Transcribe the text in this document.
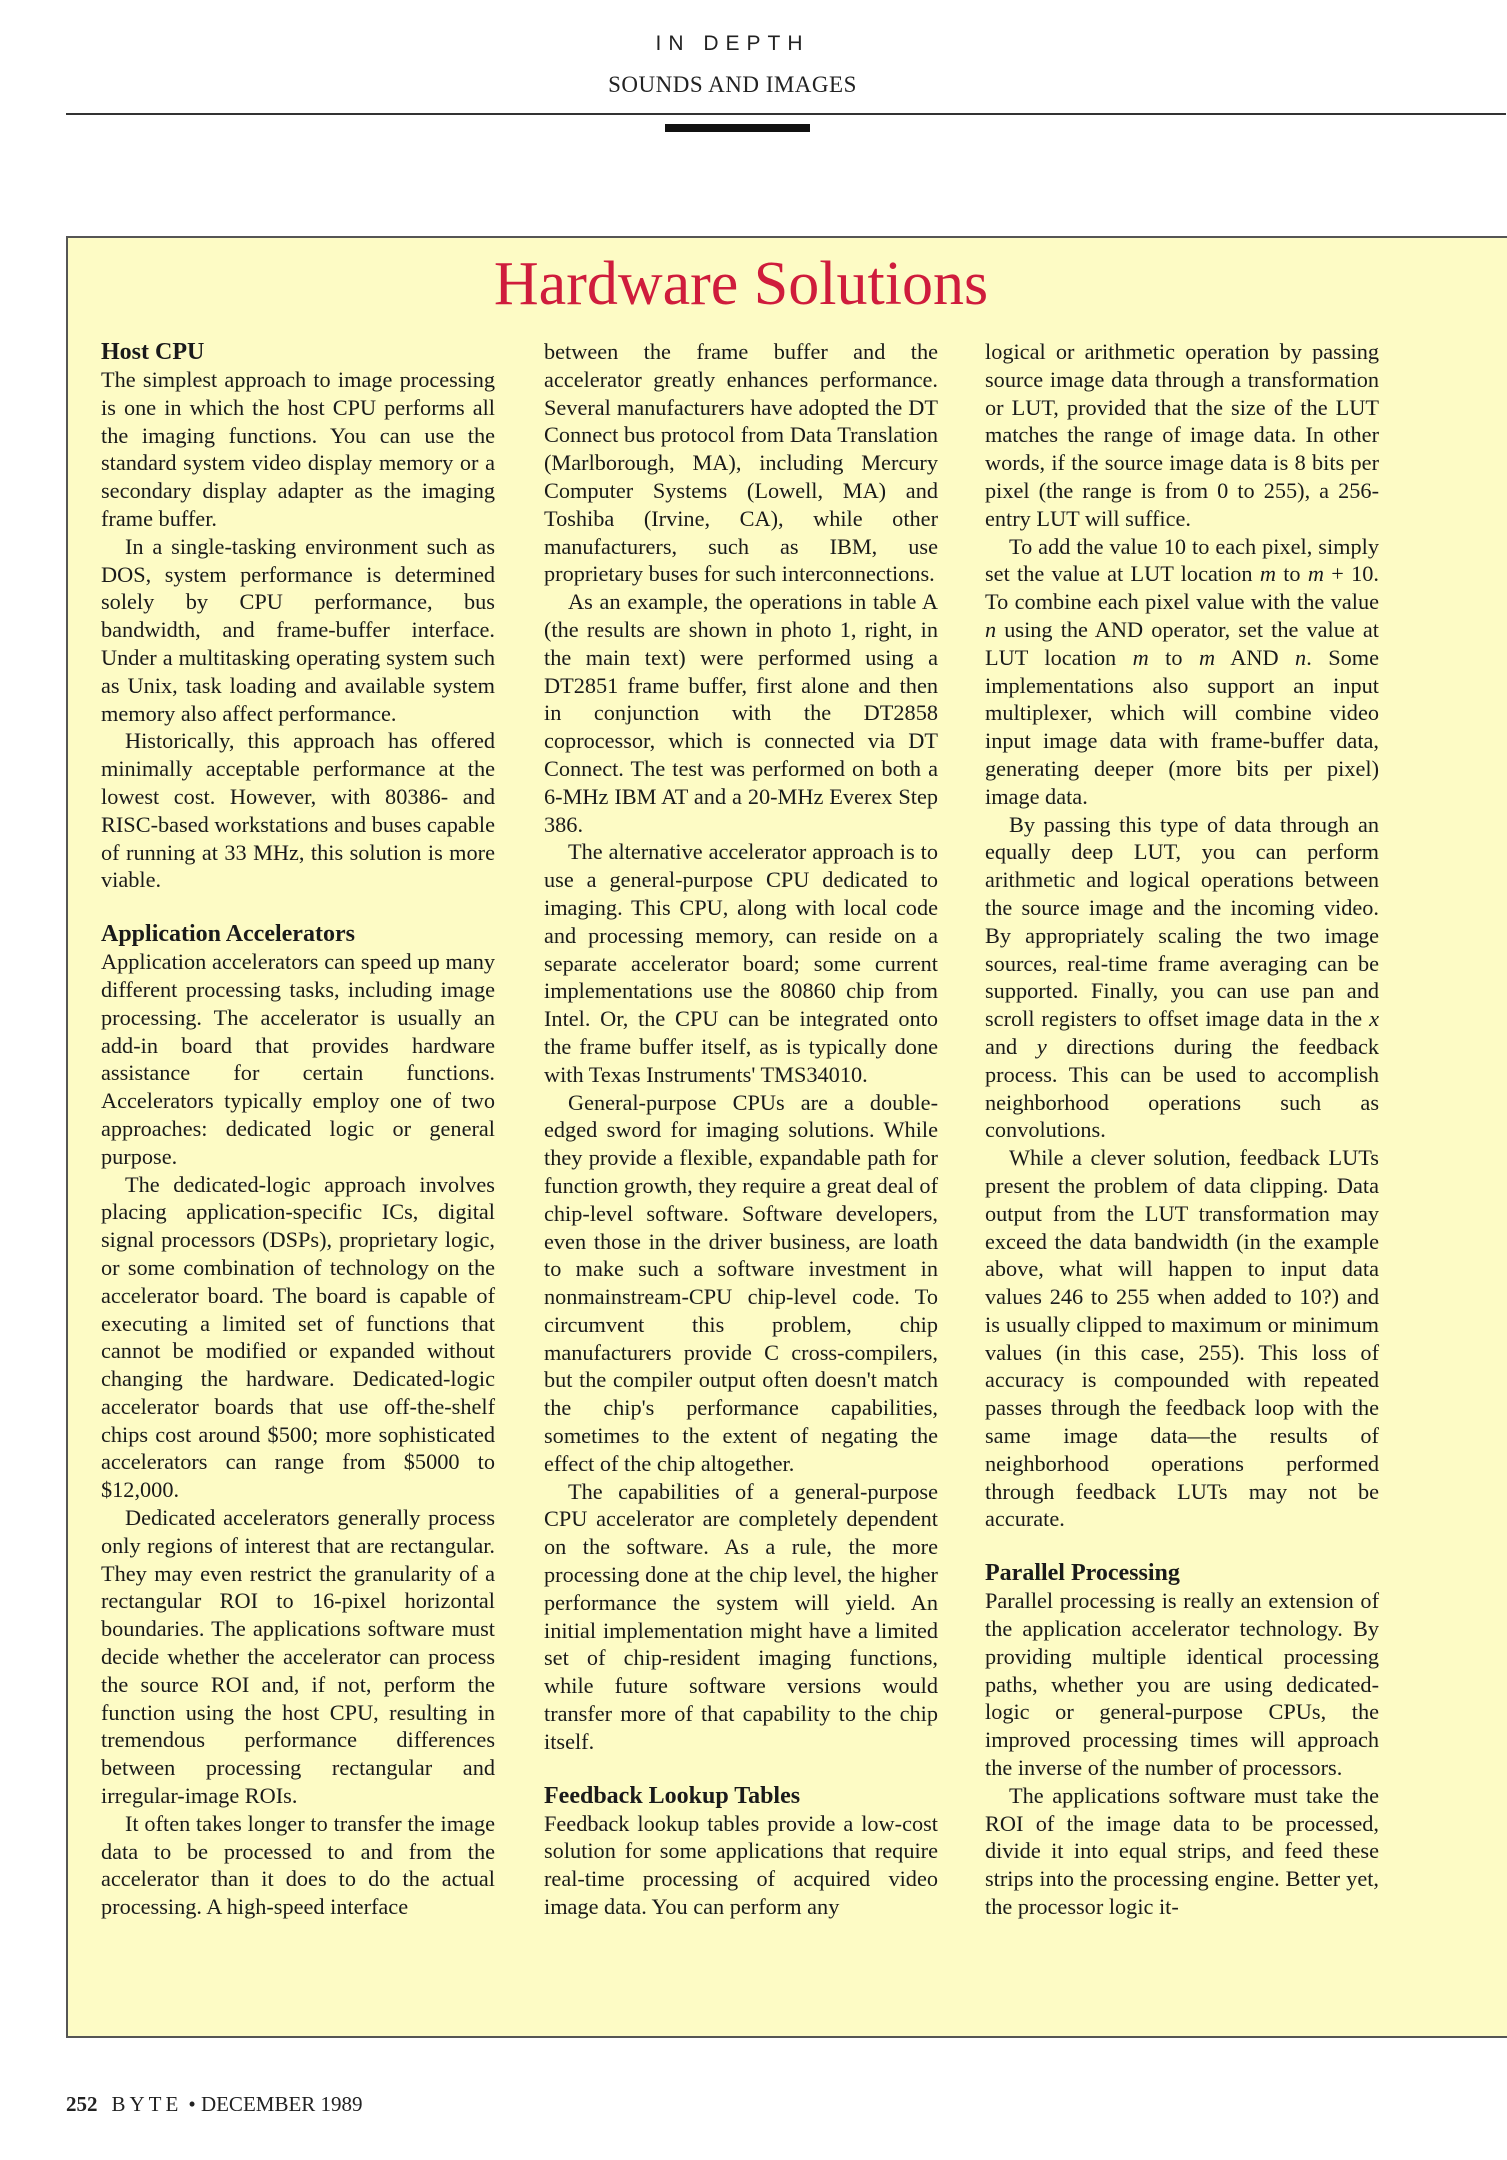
IN DEPTH
SOUNDS AND IMAGES
Hardware Solutions
Host CPU

The simplest approach to image processing is one in which the host CPU performs all the imaging functions. You can use the standard system video display memory or a secondary display adapter as the imaging frame buffer.

In a single-tasking environment such as DOS, system performance is determined solely by CPU performance, bus bandwidth, and frame-buffer interface. Under a multitasking operating system such as Unix, task loading and available system memory also affect performance.

Historically, this approach has offered minimally acceptable performance at the lowest cost. However, with 80386- and RISC-based workstations and buses capable of running at 33 MHz, this solution is more viable.

Application Accelerators

Application accelerators can speed up many different processing tasks, including image processing. The accelerator is usually an add-in board that provides hardware assistance for certain functions. Accelerators typically employ one of two approaches: dedicated logic or general purpose.

The dedicated-logic approach involves placing application-specific ICs, digital signal processors (DSPs), proprietary logic, or some combination of technology on the accelerator board. The board is capable of executing a limited set of functions that cannot be modified or expanded without changing the hardware. Dedicated-logic accelerator boards that use off-the-shelf chips cost around $500; more sophisticated accelerators can range from $5000 to $12,000.

Dedicated accelerators generally process only regions of interest that are rectangular. They may even restrict the granularity of a rectangular ROI to 16-pixel horizontal boundaries. The applications software must decide whether the accelerator can process the source ROI and, if not, perform the function using the host CPU, resulting in tremendous performance differences between processing rectangular and irregular-image ROIs.

It often takes longer to transfer the image data to be processed to and from the accelerator than it does to do the actual processing. A high-speed interface

between the frame buffer and the accelerator greatly enhances performance. Several manufacturers have adopted the DT Connect bus protocol from Data Translation (Marlborough, MA), including Mercury Computer Systems (Lowell, MA) and Toshiba (Irvine, CA), while other manufacturers, such as IBM, use proprietary buses for such interconnections.

As an example, the operations in table A (the results are shown in photo 1, right, in the main text) were performed using a DT2851 frame buffer, first alone and then in conjunction with the DT2858 coprocessor, which is connected via DT Connect. The test was performed on both a 6-MHz IBM AT and a 20-MHz Everex Step 386.

The alternative accelerator approach is to use a general-purpose CPU dedicated to imaging. This CPU, along with local code and processing memory, can reside on a separate accelerator board; some current implementations use the 80860 chip from Intel. Or, the CPU can be integrated onto the frame buffer itself, as is typically done with Texas Instruments' TMS34010.

General-purpose CPUs are a double-edged sword for imaging solutions. While they provide a flexible, expandable path for function growth, they require a great deal of chip-level software. Software developers, even those in the driver business, are loath to make such a software investment in nonmainstream-CPU chip-level code. To circumvent this problem, chip manufacturers provide C cross-compilers, but the compiler output often doesn't match the chip's performance capabilities, sometimes to the extent of negating the effect of the chip altogether.

The capabilities of a general-purpose CPU accelerator are completely dependent on the software. As a rule, the more processing done at the chip level, the higher performance the system will yield. An initial implementation might have a limited set of chip-resident imaging functions, while future software versions would transfer more of that capability to the chip itself.

Feedback Lookup Tables

Feedback lookup tables provide a low-cost solution for some applications that require real-time processing of acquired video image data. You can perform any

logical or arithmetic operation by passing source image data through a transformation or LUT, provided that the size of the LUT matches the range of image data. In other words, if the source image data is 8 bits per pixel (the range is from 0 to 255), a 256-entry LUT will suffice.

To add the value 10 to each pixel, simply set the value at LUT location m to m + 10. To combine each pixel value with the value n using the AND operator, set the value at LUT location m to m AND n. Some implementations also support an input multiplexer, which will combine video input image data with frame-buffer data, generating deeper (more bits per pixel) image data.

By passing this type of data through an equally deep LUT, you can perform arithmetic and logical operations between the source image and the incoming video. By appropriately scaling the two image sources, real-time frame averaging can be supported. Finally, you can use pan and scroll registers to offset image data in the x and y directions during the feedback process. This can be used to accomplish neighborhood operations such as convolutions.

While a clever solution, feedback LUTs present the problem of data clipping. Data output from the LUT transformation may exceed the data bandwidth (in the example above, what will happen to input data values 246 to 255 when added to 10?) and is usually clipped to maximum or minimum values (in this case, 255). This loss of accuracy is compounded with repeated passes through the feedback loop with the same image data—the results of neighborhood operations performed through feedback LUTs may not be accurate.

Parallel Processing

Parallel processing is really an extension of the application accelerator technology. By providing multiple identical processing paths, whether you are using dedicated-logic or general-purpose CPUs, the improved processing times will approach the inverse of the number of processors.

The applications software must take the ROI of the image data to be processed, divide it into equal strips, and feed these strips into the processing engine. Better yet, the processor logic it-

252 BYTE • DECEMBER 1989
